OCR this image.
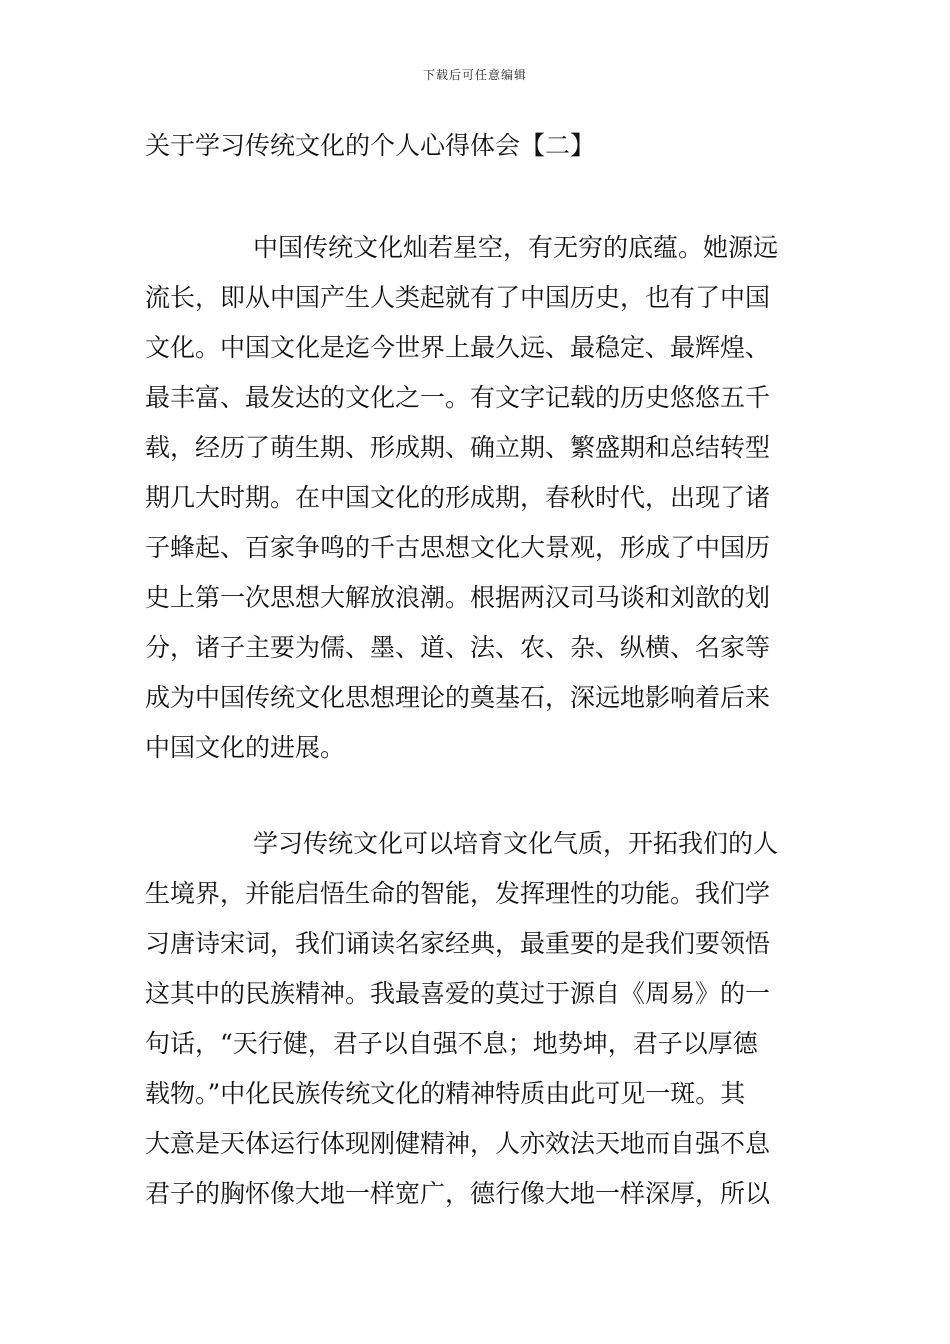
下载后可任意编辑
关于学习传统文化的个人心得体会【二】
中国传统文化灿若星空，有无穷的底蕴。她源远
流长，即从中国产生人类起就有了中国历史，也有了中国
文化。中国文化是迄今世界上最久远、最稳定、最辉煌、
最丰富、最发达的文化之一。有文字记载的历史悠悠五千
载，经历了萌生期、形成期、确立期、繁盛期和总结转型
期几大时期。在中国文化的形成期，春秋时代，出现了诸
子蜂起、百家争鸣的千古思想文化大景观，形成了中国历
史上第一次思想大解放浪潮。根据两汉司马谈和刘歆的划
分，诸子主要为儒、墨、道、法、农、杂、纵横、名家等
成为中国传统文化思想理论的奠基石，深远地影响着后来
中国文化的进展。
学习传统文化可以培育文化气质，开拓我们的人
生境界，并能启悟生命的智能，发挥理性的功能。我们学
习唐诗宋词，我们诵读名家经典，最重要的是我们要领悟
这其中的民族精神。我最喜爱的莫过于源自《周易》的一
句话，“天行健，君子以自强不息；地势坤，君子以厚德
载物。”中化民族传统文化的精神特质由此可见一斑。其
大意是天体运行体现刚健精神，人亦效法天地而自强不息
君子的胸怀像大地一样宽广，德行像大地一样深厚，所以
